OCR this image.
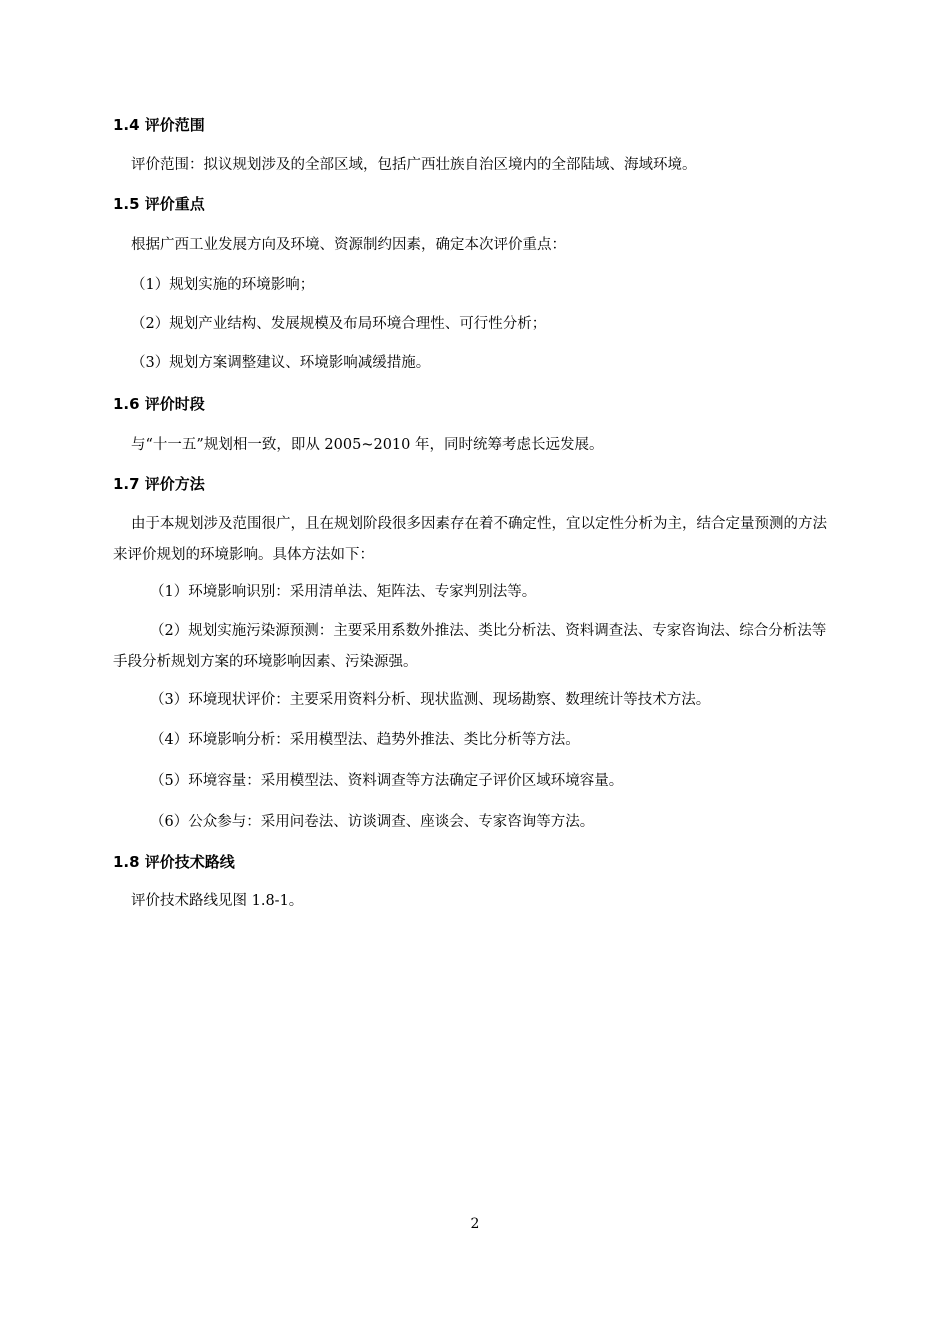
1.4 评价范围
评价范围：拟议规划涉及的全部区域，包括广西壮族自治区境内的全部陆域、海域环境。
1.5 评价重点
根据广西工业发展方向及环境、资源制约因素，确定本次评价重点：
（1）规划实施的环境影响；
（2）规划产业结构、发展规模及布局环境合理性、可行性分析；
（3）规划方案调整建议、环境影响减缓措施。
1.6 评价时段
与“十一五”规划相一致，即从 2005~2010 年，同时统筹考虑长远发展。
1.7 评价方法
由于本规划涉及范围很广，且在规划阶段很多因素存在着不确定性，宜以定性分析为主，结合定量预测的方法来评价规划的环境影响。具体方法如下：
（1）环境影响识别：采用清单法、矩阵法、专家判别法等。
（2）规划实施污染源预测：主要采用系数外推法、类比分析法、资料调查法、专家咨询法、综合分析法等手段分析规划方案的环境影响因素、污染源强。
（3）环境现状评价：主要采用资料分析、现状监测、现场勘察、数理统计等技术方法。
（4）环境影响分析：采用模型法、趋势外推法、类比分析等方法。
（5）环境容量：采用模型法、资料调查等方法确定子评价区域环境容量。
（6）公众参与：采用问卷法、访谈调查、座谈会、专家咨询等方法。
1.8 评价技术路线
评价技术路线见图 1.8-1。
2
